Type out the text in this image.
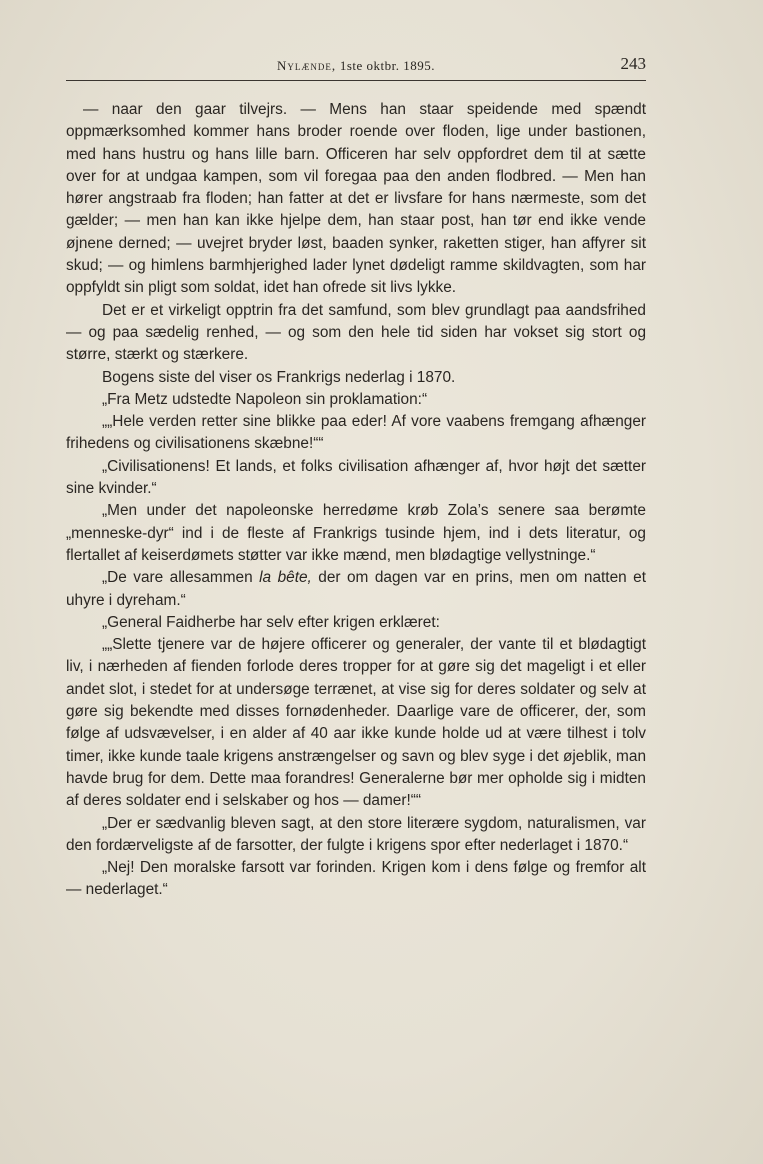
Nylænde, 1ste oktbr. 1895.	243

— naar den gaar tilvejrs. — Mens han staar speidende med spændt oppmærksomhed kommer hans broder roende over floden, lige under bastionen, med hans hustru og hans lille barn. Officeren har selv oppfordret dem til at sætte over for at undgaa kampen, som vil foregaa paa den anden flodbred. — Men han hører angstraab fra floden; han fatter at det er livsfare for hans nærmeste, som det gælder; — men han kan ikke hjelpe dem, han staar post, han tør end ikke vende øjnene derned; — uvejret bryder løst, baaden synker, raketten stiger, han affyrer sit skud; — og himlens barmhjerighed lader lynet dødeligt ramme skildvagten, som har oppfyldt sin pligt som soldat, idet han ofrede sit livs lykke.

Det er et virkeligt opptrin fra det samfund, som blev grundlagt paa aandsfrihed — og paa sædelig renhed, — og som den hele tid siden har vokset sig stort og større, stærkt og stærkere.

Bogens siste del viser os Frankrigs nederlag i 1870.

„Fra Metz udstedte Napoleon sin proklamation:“

„„Hele verden retter sine blikke paa eder! Af vore vaabens fremgang afhænger frihedens og civilisationens skæbne!““

„Civilisationens! Et lands, et folks civilisation afhænger af, hvor højt det sætter sine kvinder.“

„Men under det napoleonske herredøme krøb Zola’s senere saa berømte „menneske-dyr“ ind i de fleste af Frankrigs tusinde hjem, ind i dets literatur, og flertallet af keiserdømets støtter var ikke mænd, men blødagtige vellystninge.“

„De vare allesammen la bête, der om dagen var en prins, men om natten et uhyre i dyreham.“

„General Faidherbe har selv efter krigen erklæret:

„„Slette tjenere var de højere officerer og generaler, der vante til et blødagtigt liv, i nærheden af fienden forlode deres tropper for at gøre sig det mageligt i et eller andet slot, i stedet for at undersøge terrænet, at vise sig for deres soldater og selv at gøre sig bekendte med disses fornødenheder. Daarlige vare de officerer, der, som følge af udsvævelser, i en alder af 40 aar ikke kunde holde ud at være tilhest i tolv timer, ikke kunde taale krigens anstrængelser og savn og blev syge i det øjeblik, man havde brug for dem. Dette maa forandres! Generalerne bør mer opholde sig i midten af deres soldater end i selskaber og hos — damer!““

„Der er sædvanlig bleven sagt, at den store literære sygdom, naturalismen, var den fordærveligste af de farsotter, der fulgte i krigens spor efter nederlaget i 1870.“

„Nej! Den moralske farsott var forinden. Krigen kom i dens følge og fremfor alt — nederlaget.“
